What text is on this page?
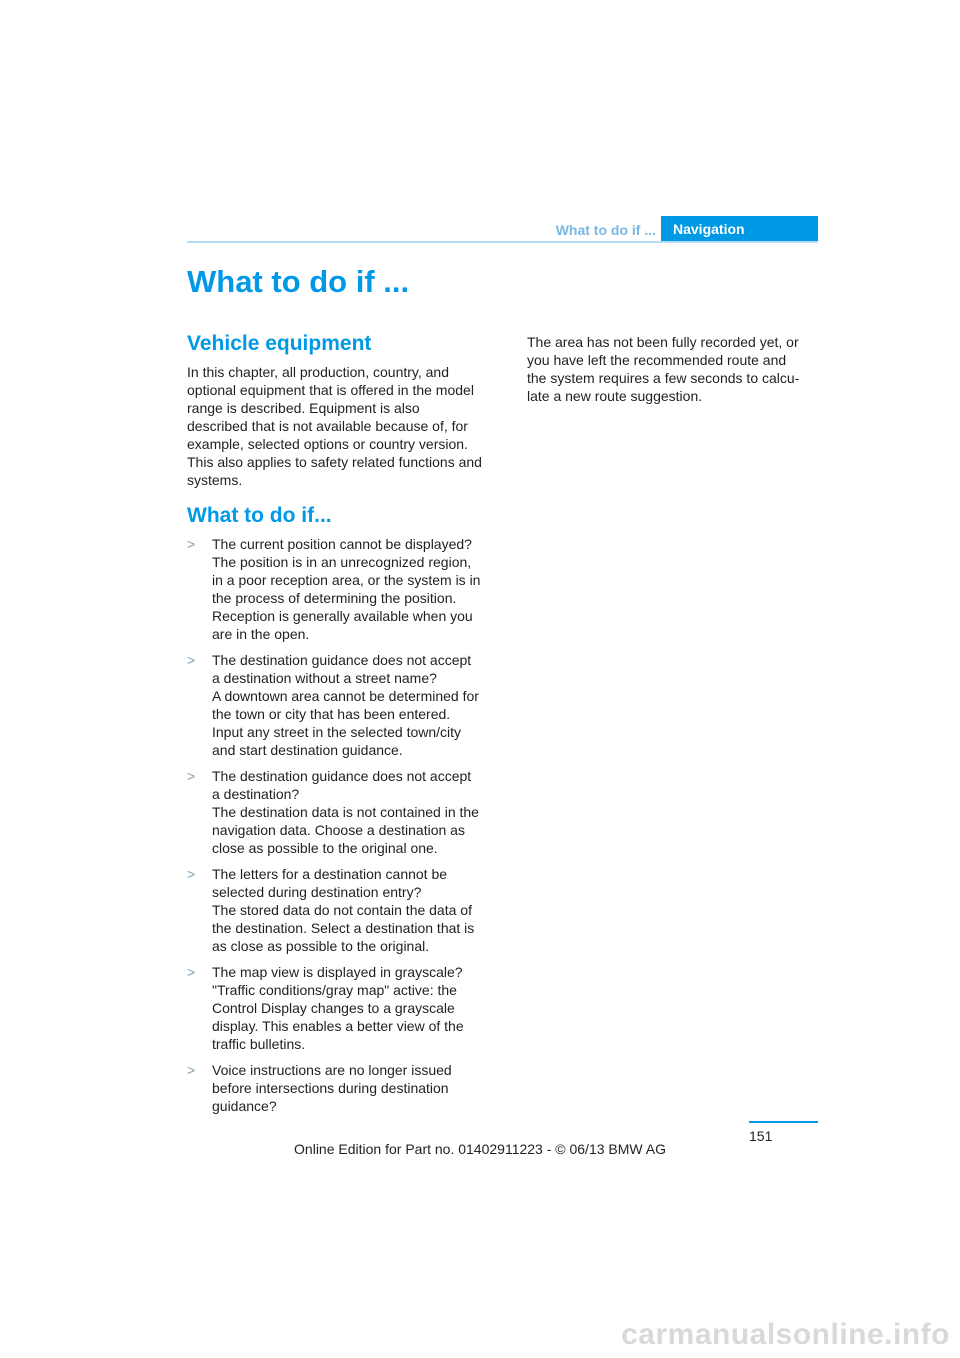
What to do if ...	Navigation
What to do if ...
Vehicle equipment
In this chapter, all production, country, and optional equipment that is offered in the model range is described. Equipment is also described that is not available because of, for example, selected options or country version. This also applies to safety related functions and systems.
What to do if...
> The current position cannot be displayed?
The position is in an unrecognized region, in a poor reception area, or the system is in the process of determining the position. Reception is generally available when you are in the open.
> The destination guidance does not accept a destination without a street name?
A downtown area cannot be determined for the town or city that has been entered. Input any street in the selected town/city and start destination guidance.
> The destination guidance does not accept a destination?
The destination data is not contained in the navigation data. Choose a destination as close as possible to the original one.
> The letters for a destination cannot be selected during destination entry?
The stored data do not contain the data of the destination. Select a destination that is as close as possible to the original.
> The map view is displayed in grayscale?
"Traffic conditions/gray map" active: the Control Display changes to a grayscale display. This enables a better view of the traffic bulletins.
> Voice instructions are no longer issued before intersections during destination guidance?
The area has not been fully recorded yet, or you have left the recommended route and the system requires a few seconds to calcu-late a new route suggestion.
151
Online Edition for Part no. 01402911223 - © 06/13 BMW AG
carmanualsonline.info
